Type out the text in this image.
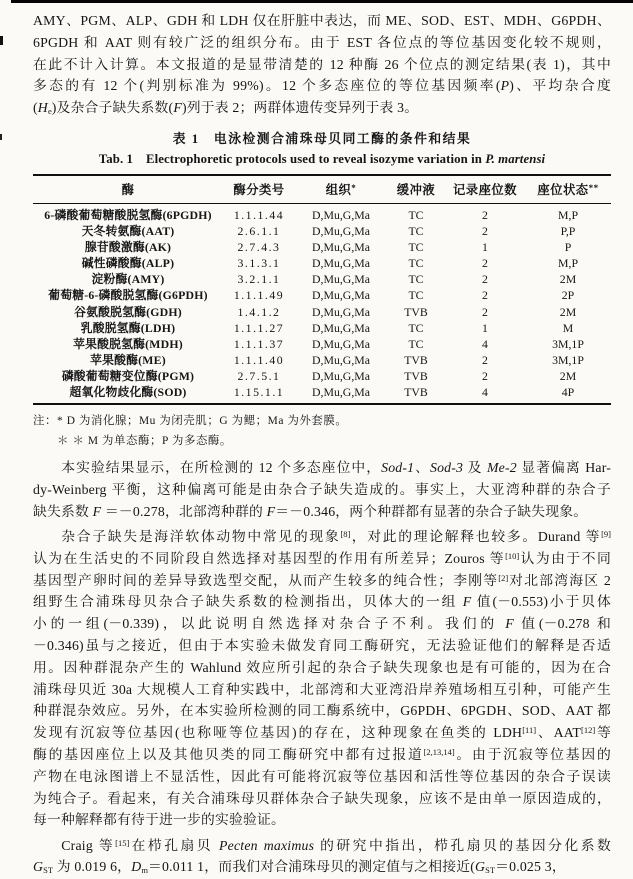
AMY、PGM、ALP、GDH 和 LDH 仅在肝脏中表达，而 ME、SOD、EST、MDH、G6PDH、
6PGDH 和 AAT 则有较广泛的组织分布。由于 EST 各位点的等位基因变化较不规则，
在此不计入计算。本文报道的是显带清楚的 12 种酶 26 个位点的测定结果(表 1)，其中
多态的有 12 个(判别标准为 99%)。12 个多态座位的等位基因频率(P)、平均杂合度
$(H_e)$及杂合子缺失系数(F)列于表 2；两群体遗传变异列于表 3。
表 1　电泳检测合浦珠母贝同工酶的条件和结果
Tab. 1　Electrophoretic protocols used to reveal isozyme variation in P. martensi
酶	酶分类号	组织*	缓冲液	记录座位数	座位状态**
6-磷酸葡萄糖酸脱氢酶(6PGDH)	1.1.1.44	D,Mu,G,Ma	TC	2	M,P
天冬转氨酶(AAT)	2.6.1.1	D,Mu,G,Ma	TC	2	P,P
腺苷酸激酶(AK)	2.7.4.3	D,Mu,G,Ma	TC	1	P
碱性磷酸酶(ALP)	3.1.3.1	D,Mu,G,Ma	TC	2	M,P
淀粉酶(AMY)	3.2.1.1	D,Mu,G,Ma	TC	2	2M
葡萄糖-6-磷酸脱氢酶(G6PDH)	1.1.1.49	D,Mu,G,Ma	TC	2	2P
谷氨酸脱氢酶(GDH)	1.4.1.2	D,Mu,G,Ma	TVB	2	2M
乳酸脱氢酶(LDH)	1.1.1.27	D,Mu,G,Ma	TC	1	M
苹果酸脱氢酶(MDH)	1.1.1.37	D,Mu,G,Ma	TC	4	3M,1P
苹果酸酶(ME)	1.1.1.40	D,Mu,G,Ma	TVB	2	3M,1P
磷酸葡萄糖变位酶(PGM)	2.7.5.1	D,Mu,G,Ma	TVB	2	2M
超氧化物歧化酶(SOD)	1.15.1.1	D,Mu,G,Ma	TVB	4	4P
注：* D 为消化腺；Mu 为闭壳肌；G 为鳃；Ma 为外套膜。
＊ ＊ M 为单态酶；P 为多态酶。
本实验结果显示，在所检测的 12 个多态座位中，Sod-1、Sod-3 及 Me-2 显著偏离 Har-
dy-Weinberg 平衡，这种偏离可能是由杂合子缺失造成的。事实上，大亚湾种群的杂合子
缺失系数 F ＝－0.278，北部湾种群的 F＝－0.346，两个种群都有显著的杂合子缺失现象。
杂合子缺失是海洋软体动物中常见的现象[8]，对此的理论解释也较多。Durand 等[9]
认为在生活史的不同阶段自然选择对基因型的作用有所差异；Zouros 等[10]认为由于不同
基因型产卵时间的差异导致选型交配，从而产生较多的纯合性；李刚等[2]对北部湾海区 2
组野生合浦珠母贝杂合子缺失系数的检测指出，贝体大的一组 F 值(－0.553)小于贝体
小的一组(－0.339)，以此说明自然选择对杂合子不利。我们的 F 值(－0.278 和
－0.346)虽与之接近，但由于本实验未做发育同工酶研究，无法验证他们的解释是否适
用。因种群混杂产生的 Wahlund 效应所引起的杂合子缺失现象也是有可能的，因为在合
浦珠母贝近 30a 大规模人工育种实践中，北部湾和大亚湾沿岸养殖场相互引种，可能产生
种群混杂效应。另外，在本实验所检测的同工酶系统中，G6PDH、6PGDH、SOD、AAT 都
发现有沉寂等位基因(也称哑等位基因)的存在，这种现象在鱼类的 LDH[11]、AAT[12]等
酶的基因座位上以及其他贝类的同工酶研究中都有过报道[2,13,14]。由于沉寂等位基因的
产物在电泳图谱上不显活性，因此有可能将沉寂等位基因和活性等位基因的杂合子误读
为纯合子。看起来，有关合浦珠母贝群体杂合子缺失现象，应该不是由单一原因造成的，
每一种解释都有待于进一步的实验验证。
Craig 等[15]在栉孔扇贝 Pecten maximus 的研究中指出，栉孔扇贝的基因分化系数
$G_{ST}$ 为 0.019 6，$D_m=0.011$ 1，而我们对合浦珠母贝的测定值与之相接近($G_{ST}=0.025$ 3，
